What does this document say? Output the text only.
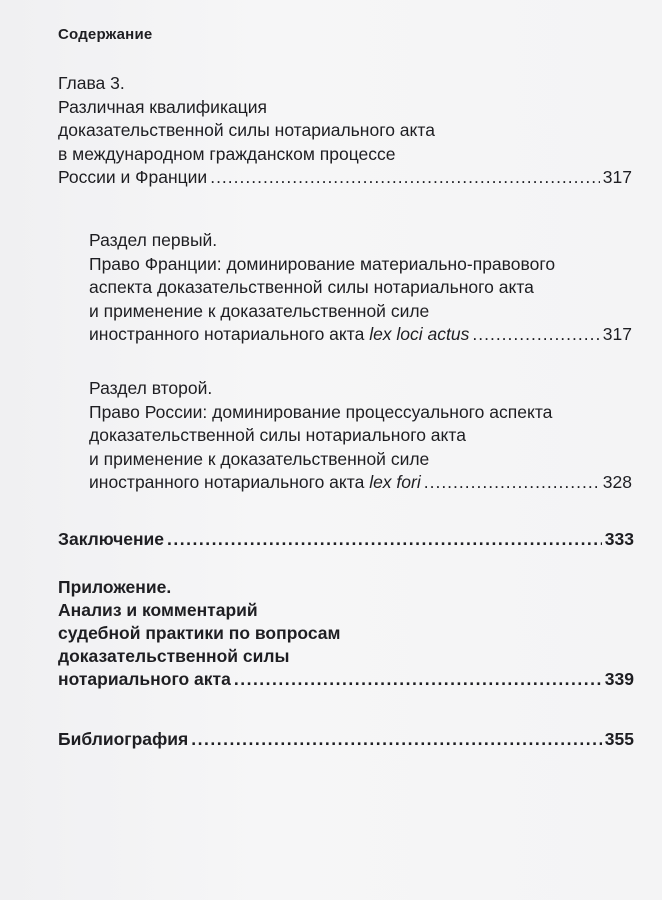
Содержание
Глава 3.
Различная квалификация
доказательственной силы нотариального акта
в международном гражданском процессе
России и Франции .....	317
Раздел первый.
Право Франции: доминирование материально-правового
аспекта доказательственной силы нотариального акта
и применение к доказательственной силе
иностранного нотариального акта lex loci actus .....	317
Раздел второй.
Право России: доминирование процессуального аспекта
доказательственной силы нотариального акта
и применение к доказательственной силе
иностранного нотариального акта lex fori .....	328
Заключение .....	333
Приложение.
Анализ и комментарий
судебной практики по вопросам
доказательственной силы
нотариального акта .....	339
Библиография .....	355
